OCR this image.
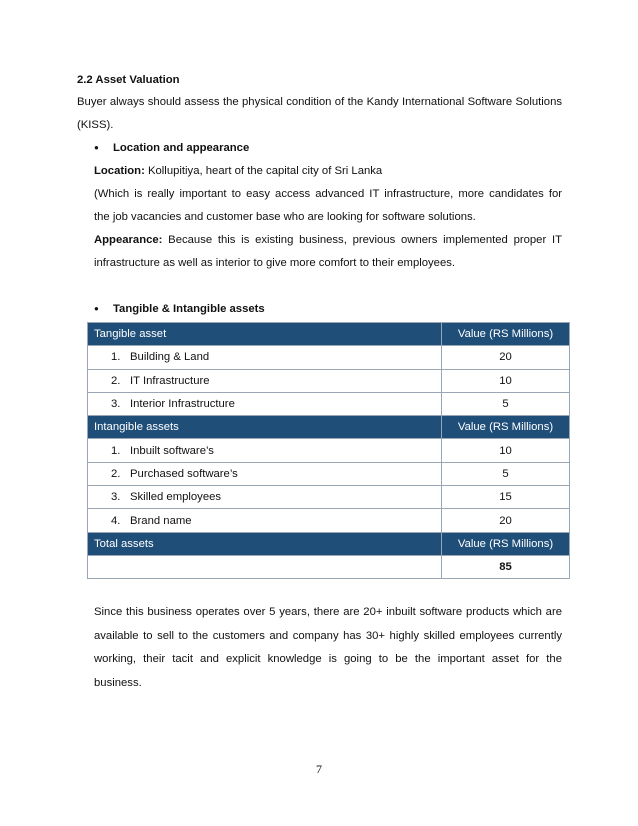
2.2 Asset Valuation
Buyer always should assess the physical condition of the Kandy International Software Solutions
(KISS).
● Location and appearance
Location: Kollupitiya, heart of the capital city of Sri Lanka
(Which is really important to easy access advanced IT infrastructure, more candidates for
the job vacancies and customer base who are looking for software solutions.
Appearance: Because this is existing business, previous owners implemented proper IT
infrastructure as well as interior to give more comfort to their employees.
● Tangible & Intangible assets
Tangible asset	Value (RS Millions)
1. Building & Land	20
2. IT Infrastructure	10
3. Interior Infrastructure	5
Intangible assets	Value (RS Millions)
1. Inbuilt software’s	10
2. Purchased software’s	5
3. Skilled employees	15
4. Brand name	20
Total assets	Value (RS Millions)
	85
Since this business operates over 5 years, there are 20+ inbuilt software products which are
available to sell to the customers and company has 30+ highly skilled employees currently
working, their tacit and explicit knowledge is going to be the important asset for the
business.
7
